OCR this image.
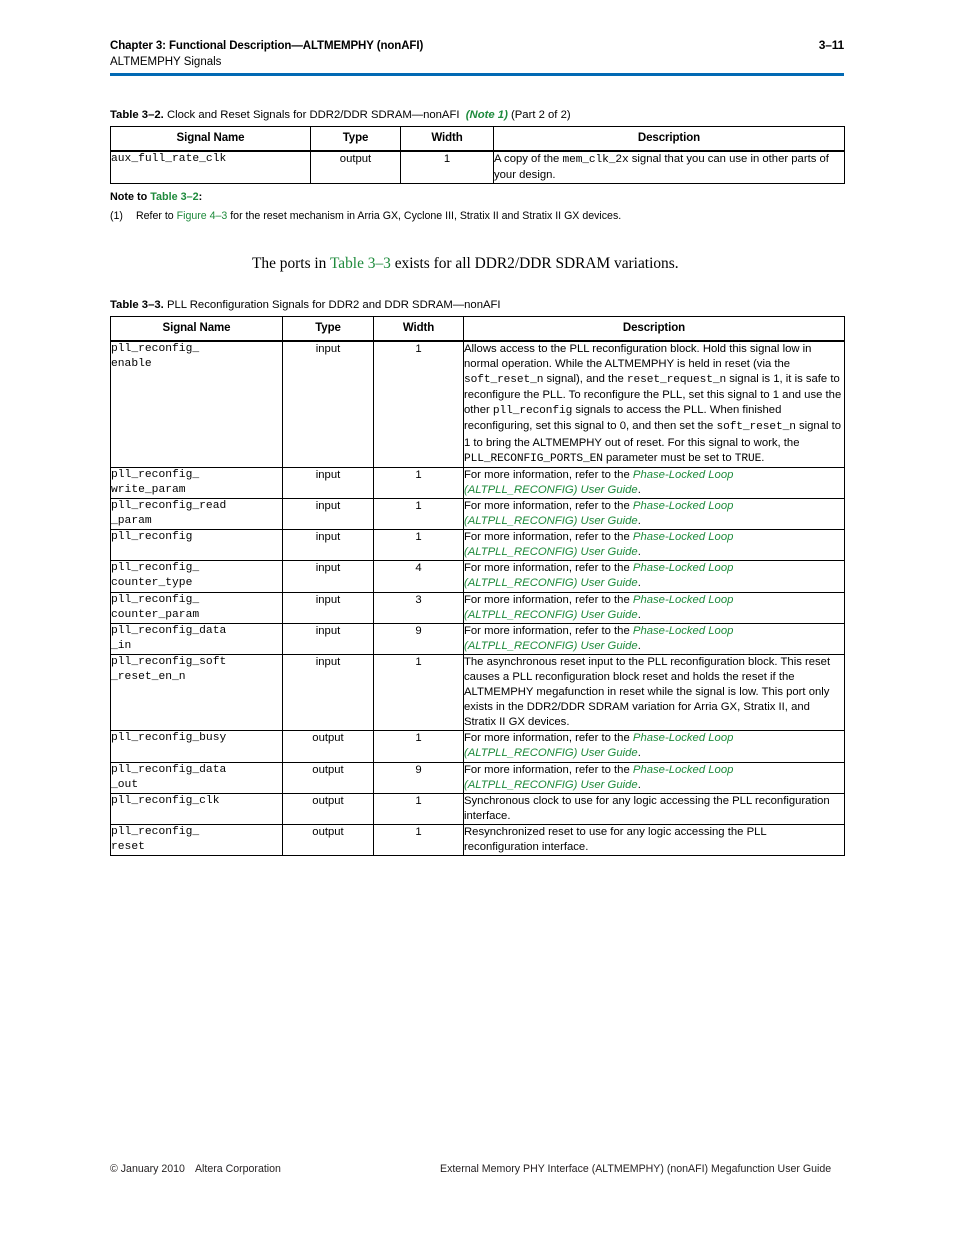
Chapter 3: Functional Description—ALTMEMPHY (nonAFI)	3–11
ALTMEMPHY Signals
Table 3–2. Clock and Reset Signals for DDR2/DDR SDRAM—nonAFI (Note 1) (Part 2 of 2)
Signal Name	Type	Width	Description
aux_full_rate_clk	output	1	A copy of the mem_clk_2x signal that you can use in other parts of your design.
Note to Table 3–2:
(1)	Refer to Figure 4–3 for the reset mechanism in Arria GX, Cyclone III, Stratix II and Stratix II GX devices.

The ports in Table 3–3 exists for all DDR2/DDR SDRAM variations.

Table 3–3. PLL Reconfiguration Signals for DDR2 and DDR SDRAM—nonAFI
Signal Name	Type	Width	Description
pll_reconfig_
enable	input	1	Allows access to the PLL reconfiguration block. Hold this signal low in normal operation. While the ALTMEMPHY is held in reset (via the soft_reset_n signal), and the reset_request_n signal is 1, it is safe to reconfigure the PLL. To reconfigure the PLL, set this signal to 1 and use the other pll_reconfig signals to access the PLL. When finished reconfiguring, set this signal to 0, and then set the soft_reset_n signal to 1 to bring the ALTMEMPHY out of reset. For this signal to work, the PLL_RECONFIG_PORTS_EN parameter must be set to TRUE.
pll_reconfig_
write_param	input	1	For more information, refer to the Phase-Locked Loop (ALTPLL_RECONFIG) User Guide.
pll_reconfig_read
_param	input	1	For more information, refer to the Phase-Locked Loop (ALTPLL_RECONFIG) User Guide.
pll_reconfig	input	1	For more information, refer to the Phase-Locked Loop (ALTPLL_RECONFIG) User Guide.
pll_reconfig_
counter_type	input	4	For more information, refer to the Phase-Locked Loop (ALTPLL_RECONFIG) User Guide.
pll_reconfig_
counter_param	input	3	For more information, refer to the Phase-Locked Loop (ALTPLL_RECONFIG) User Guide.
pll_reconfig_data
_in	input	9	For more information, refer to the Phase-Locked Loop (ALTPLL_RECONFIG) User Guide.
pll_reconfig_soft
_reset_en_n	input	1	The asynchronous reset input to the PLL reconfiguration block. This reset causes a PLL reconfiguration block reset and holds the reset if the ALTMEMPHY megafunction in reset while the signal is low. This port only exists in the DDR2/DDR SDRAM variation for Arria GX, Stratix II, and Stratix II GX devices.
pll_reconfig_busy	output	1	For more information, refer to the Phase-Locked Loop (ALTPLL_RECONFIG) User Guide.
pll_reconfig_data
_out	output	9	For more information, refer to the Phase-Locked Loop (ALTPLL_RECONFIG) User Guide.
pll_reconfig_clk	output	1	Synchronous clock to use for any logic accessing the PLL reconfiguration interface.
pll_reconfig_
reset	output	1	Resynchronized reset to use for any logic accessing the PLL reconfiguration interface.
© January 2010 Altera Corporation	External Memory PHY Interface (ALTMEMPHY) (nonAFI) Megafunction User Guide
